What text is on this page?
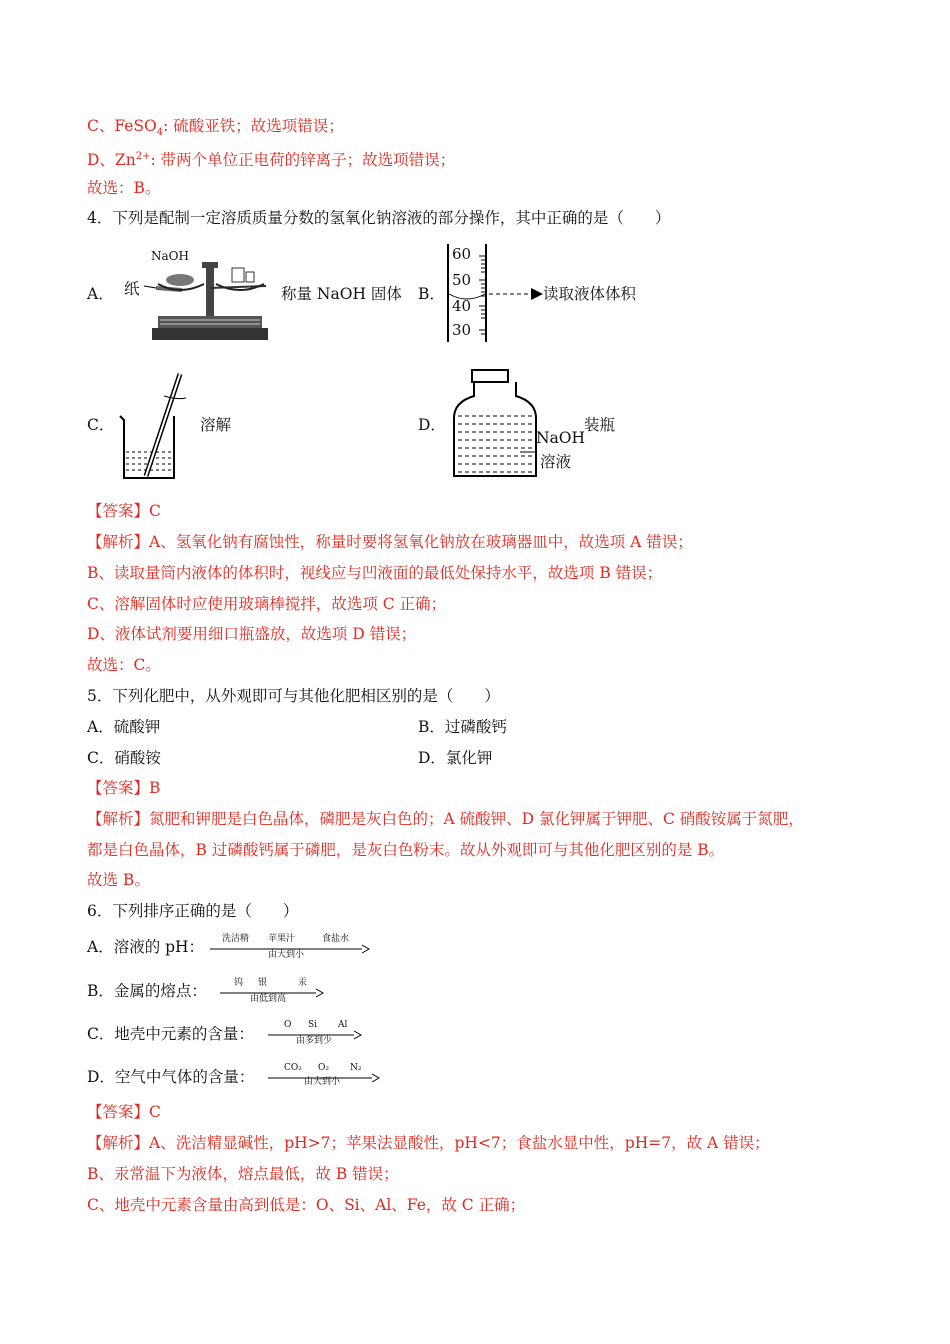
C、FeSO$_4$: 硫酸亚铁；故选项错误；
D、$Zn^{2+}$: 带两个单位正电荷的锌离子；故选项错误；
故选：B。
4．下列是配制一定溶质质量分数的氢氧化钠溶液的部分操作，其中正确的是（　　）
A．
NaOH
纸	称量 NaOH 固体 B．
60
50
40
30
读取液体体积
C．	溶解	D．
NaOH
溶液
装瓶
【答案】C
【解析】A、氢氧化钠有腐蚀性，称量时要将氢氧化钠放在玻璃器皿中，故选项 A 错误；
B、读取量筒内液体的体积时，视线应与凹液面的最低处保持水平，故选项 B 错误；
C、溶解固体时应使用玻璃棒搅拌，故选项 C 正确；
D、液体试剂要用细口瓶盛放，故选项 D 错误；
故选：C。
5．下列化肥中，从外观即可与其他化肥相区别的是（　　）
A．硫酸钾	B．过磷酸钙
C．硝酸铵	D．氯化钾
【答案】B
【解析】氮肥和钾肥是白色晶体，磷肥是灰白色的；A 硫酸钾、D 氯化钾属于钾肥、C 硝酸铵属于氮肥，
都是白色晶体，B 过磷酸钙属于磷肥，是灰白色粉末。故从外观即可与其他化肥区别的是 B。
故选 B。
6．下列排序正确的是（　　）
A．溶液的 pH： 洗洁精 苹果汁	食盐水
由大到小
B．金属的熔点：	钨 银	汞
由低到高
C．地壳中元素的含量：	O Si Al
由多到少
D．空气中气体的含量：	CO₂ O₂ N₂
由大到小
【答案】C
【解析】A、洗洁精显碱性，pH>7；苹果法显酸性，pH<7；食盐水显中性，pH=7，故 A 错误；
B、汞常温下为液体，熔点最低，故 B 错误；
C、地壳中元素含量由高到低是：O、Si、Al、Fe，故 C 正确；
